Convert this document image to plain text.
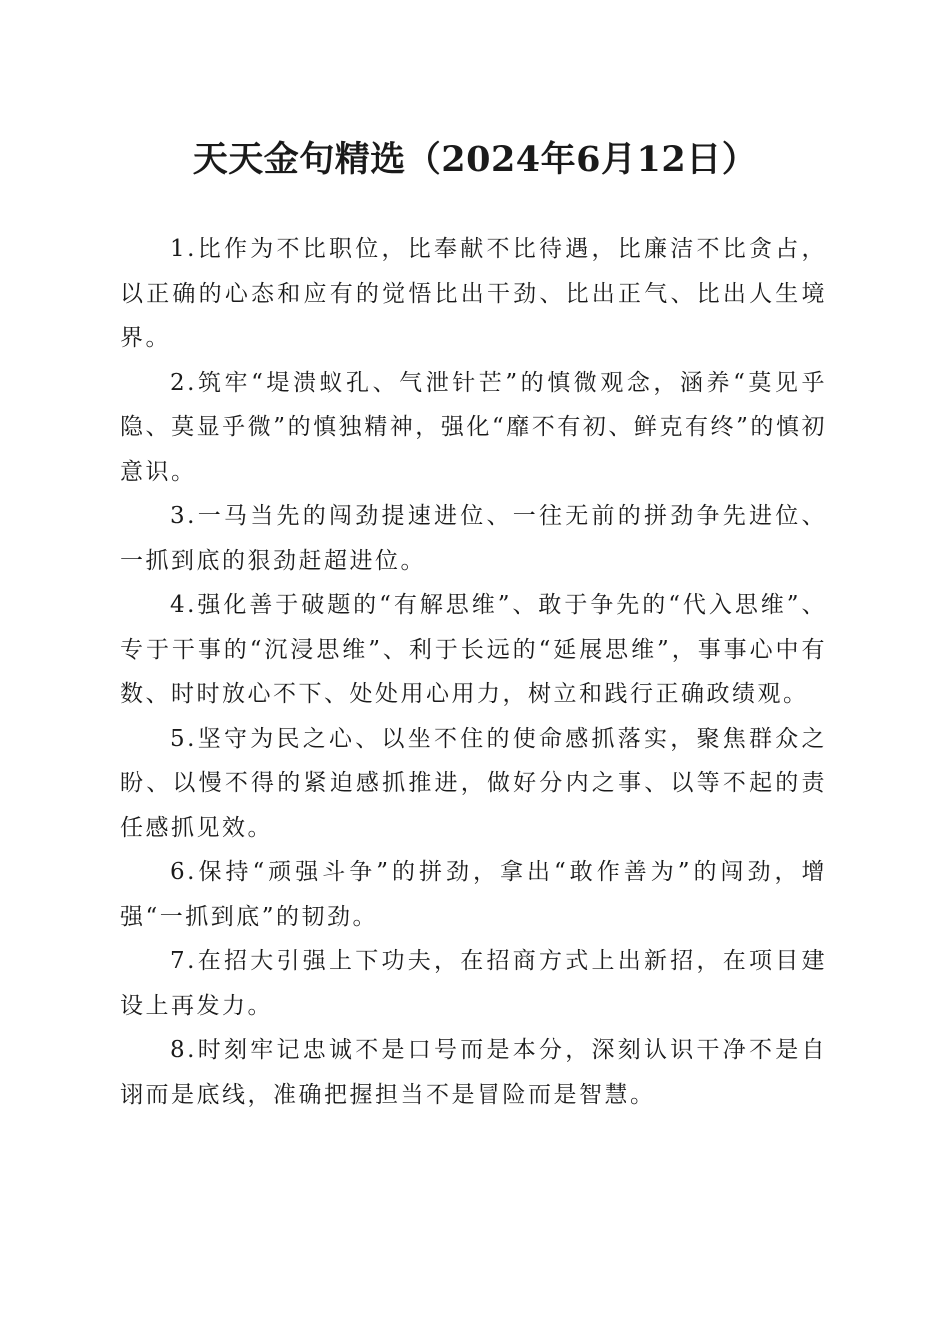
天天金句精选（2024年6月12日）

1.比作为不比职位，比奉献不比待遇，比廉洁不比贪占，以正确的心态和应有的觉悟比出干劲、比出正气、比出人生境界。

2.筑牢“堤溃蚁孔、气泄针芒”的慎微观念，涵养“莫见乎隐、莫显乎微”的慎独精神，强化“靡不有初、鲜克有终”的慎初意识。

3.一马当先的闯劲提速进位、一往无前的拼劲争先进位、一抓到底的狠劲赶超进位。

4.强化善于破题的“有解思维”、敢于争先的“代入思维”、专于干事的“沉浸思维”、利于长远的“延展思维”，事事心中有数、时时放心不下、处处用心用力，树立和践行正确政绩观。

5.坚守为民之心、以坐不住的使命感抓落实，聚焦群众之盼、以慢不得的紧迫感抓推进，做好分内之事、以等不起的责任感抓见效。

6.保持“顽强斗争”的拼劲，拿出“敢作善为”的闯劲，增强“一抓到底”的韧劲。

7.在招大引强上下功夫，在招商方式上出新招，在项目建设上再发力。

8.时刻牢记忠诚不是口号而是本分，深刻认识干净不是自诩而是底线，准确把握担当不是冒险而是智慧。
